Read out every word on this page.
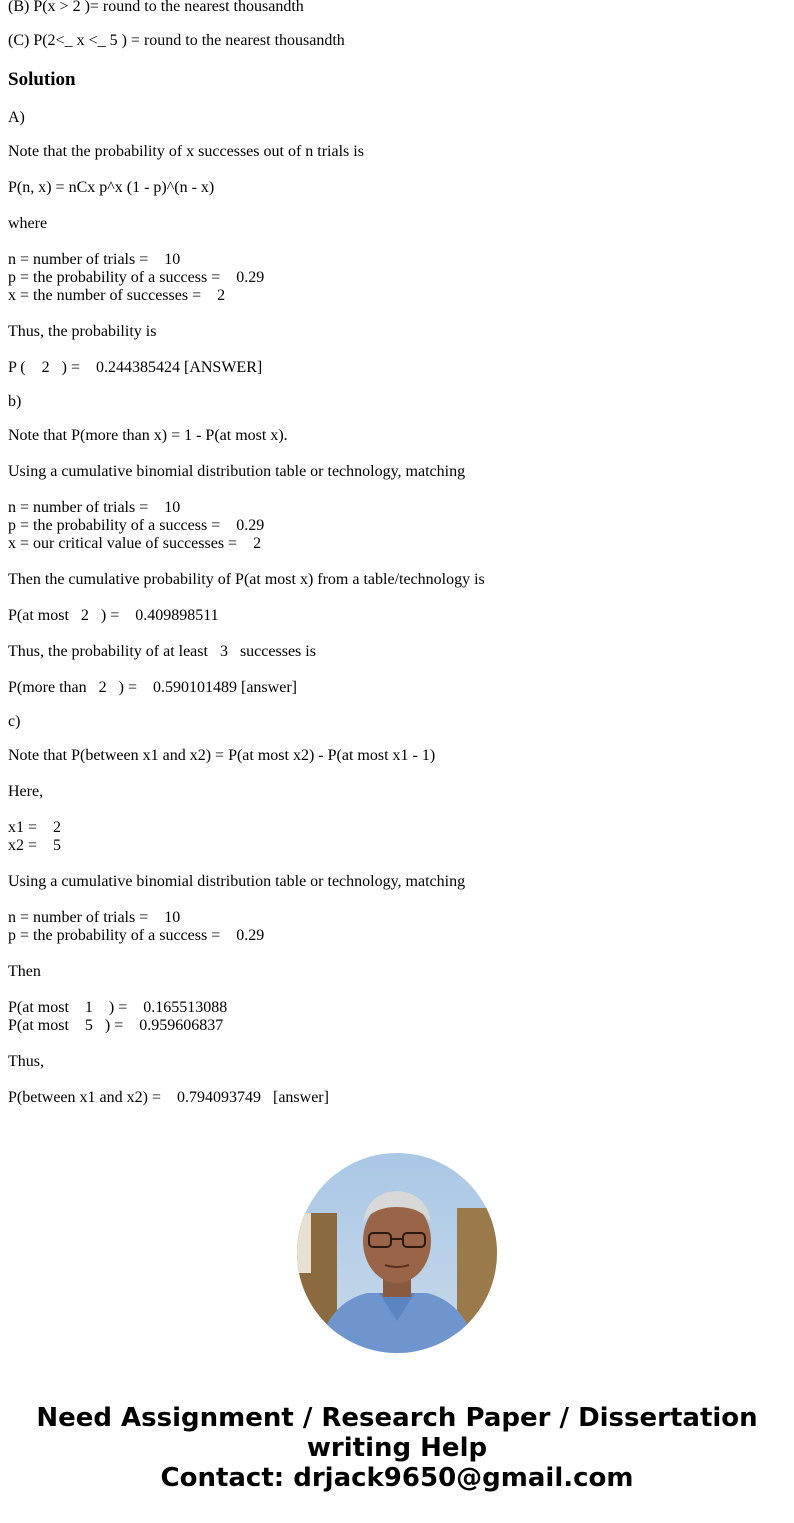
(B) P(x > 2 )= round to the nearest thousandth
(C) P(2<_ x <_ 5 ) = round to the nearest thousandth
Solution
A)
Note that the probability of x successes out of n trials is
P(n, x) = nCx p^x (1 - p)^(n - x)
where
n = number of trials =    10
p = the probability of a success =    0.29
x = the number of successes =    2
Thus, the probability is
P (    2   ) =    0.244385424 [ANSWER]
b)
Note that P(more than x) = 1 - P(at most x).
Using a cumulative binomial distribution table or technology, matching
n = number of trials =    10
p = the probability of a success =    0.29
x = our critical value of successes =    2
Then the cumulative probability of P(at most x) from a table/technology is
P(at most   2   ) =    0.409898511
Thus, the probability of at least   3   successes is
P(more than   2   ) =    0.590101489 [answer]
c)
Note that P(between x1 and x2) = P(at most x2) - P(at most x1 - 1)
Here,
x1 =    2
x2 =    5
Using a cumulative binomial distribution table or technology, matching
n = number of trials =    10
p = the probability of a success =    0.29
Then
P(at most    1    ) =    0.165513088
P(at most    5   ) =    0.959606837
Thus,
P(between x1 and x2) =    0.794093749   [answer]
Need Assignment / Research Paper / Dissertation
writing Help
Contact: drjack9650@gmail.com
